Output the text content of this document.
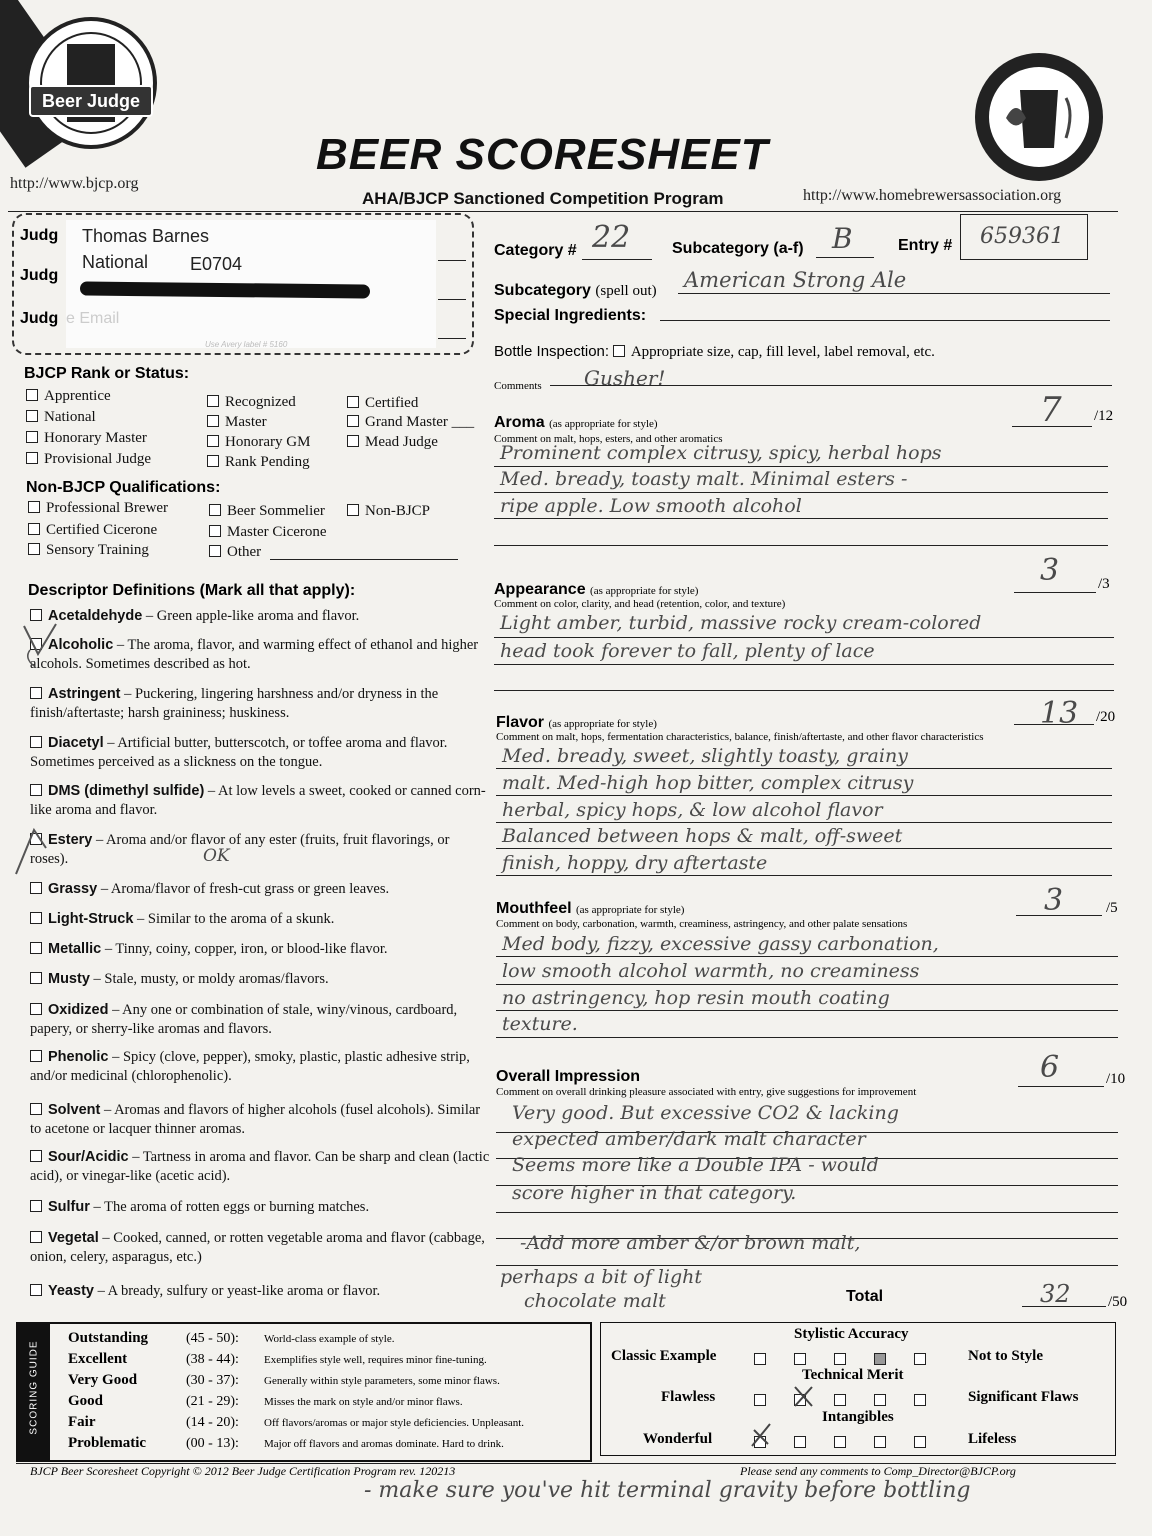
Beer Judge
BEER SCORESHEET
http://www.bjcp.org
AHA/BJCP Sanctioned Competition Program	http://www.homebrewersassociation.org
Judg
Judg
Judg
Thomas Barnes
National E0704
e Email
Use Avery label # 5160
Category # 22	Subcategory (a-f) B	Entry # 659361
Subcategory (spell out) American Strong Ale
Special Ingredients:
Bottle Inspection: Appropriate size, cap, fill level, label removal, etc.
Comments Gusher!
BJCP Rank or Status:
Apprentice
National
Honorary Master
Provisional Judge
Recognized
Master
Honorary GM
Rank Pending
Certified
Grand Master ___
Mead Judge
Non-BJCP Qualifications:
Professional Brewer
Certified Cicerone
Sensory Training
Beer Sommelier
Master Cicerone
Other
Non-BJCP
Descriptor Definitions (Mark all that apply):
Acetaldehyde – Green apple-like aroma and flavor.
Alcoholic – The aroma, flavor, and warming effect of ethanol and higher alcohols. Sometimes described as hot.
Astringent – Puckering, lingering harshness and/or dryness in the finish/aftertaste; harsh graininess; huskiness.
Diacetyl – Artificial butter, butterscotch, or toffee aroma and flavor. Sometimes perceived as a slickness on the tongue.
DMS (dimethyl sulfide) – At low levels a sweet, cooked or canned corn-like aroma and flavor.
Estery – Aroma and/or flavor of any ester (fruits, fruit flavorings, or roses).
Grassy – Aroma/flavor of fresh-cut grass or green leaves.
Light-Struck – Similar to the aroma of a skunk.
Metallic – Tinny, coiny, copper, iron, or blood-like flavor.
Musty – Stale, musty, or moldy aromas/flavors.
Oxidized – Any one or combination of stale, winy/vinous, cardboard, papery, or sherry-like aromas and flavors.
Phenolic – Spicy (clove, pepper), smoky, plastic, plastic adhesive strip, and/or medicinal (chlorophenolic).
Solvent – Aromas and flavors of higher alcohols (fusel alcohols). Similar to acetone or lacquer thinner aromas.
Sour/Acidic – Tartness in aroma and flavor. Can be sharp and clean (lactic acid), or vinegar-like (acetic acid).
Sulfur – The aroma of rotten eggs or burning matches.
Vegetal – Cooked, canned, or rotten vegetable aroma and flavor (cabbage, onion, celery, asparagus, etc.)
Yeasty – A bready, sulfury or yeast-like aroma or flavor.
OK
Aroma (as appropriate for style)
Comment on malt, hops, esters, and other aromatics
7 /12
Prominent complex citrusy, spicy, herbal hops
Med. bready, toasty malt. Minimal esters -
ripe apple. Low smooth alcohol
Appearance (as appropriate for style)
Comment on color, clarity, and head (retention, color, and texture)
3	/3
Light amber, turbid, massive rocky cream-colored
head took forever to fall, plenty of lace
Flavor (as appropriate for style)
Comment on malt, hops, fermentation characteristics, balance, finish/aftertaste, and other flavor characteristics
13 /20
Med. bready, sweet, slightly toasty, grainy
malt. Med-high hop bitter, complex citrusy
herbal, spicy hops, & low alcohol flavor
Balanced between hops & malt, off-sweet
finish, hoppy, dry aftertaste
Mouthfeel (as appropriate for style)
Comment on body, carbonation, warmth, creaminess, astringency, and other palate sensations
3	/5
Med body, fizzy, excessive gassy carbonation,
low smooth alcohol warmth, no creaminess
no astringency, hop resin mouth coating
texture.
Overall Impression
Comment on overall drinking pleasure associated with entry, give suggestions for improvement
6	/10
Very good. But excessive CO2 & lacking
expected amber/dark malt character
Seems more like a Double IPA - would
score higher in that category.
-Add more amber &/or brown malt,
perhaps a bit of light
chocolate malt	Total	32 /50
SCORING GUIDE
Outstanding	(45 - 50):	World-class example of style.
Excellent	(38 - 44):	Exemplifies style well, requires minor fine-tuning.
Very Good	(30 - 37):	Generally within style parameters, some minor flaws.
Good	(21 - 29):	Misses the mark on style and/or minor flaws.
Fair	(14 - 20):	Off flavors/aromas or major style deficiencies. Unpleasant.
Problematic	(00 - 13):	Major off flavors and aromas dominate. Hard to drink.
Stylistic Accuracy
Classic Example	Not to Style
Technical Merit
Flawless	Significant Flaws
Intangibles
Wonderful	Lifeless
BJCP Beer Scoresheet Copyright © 2012 Beer Judge Certification Program rev. 120213	Please send any comments to Comp_Director@BJCP.org
- make sure you've hit terminal gravity before bottling
